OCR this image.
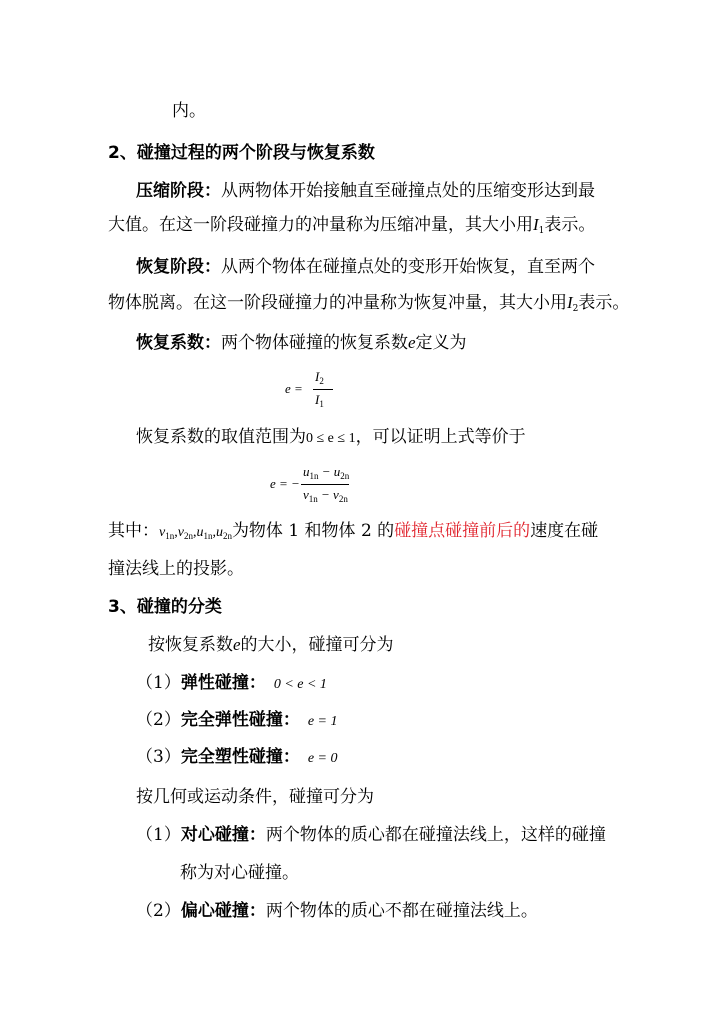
内。
2、碰撞过程的两个阶段与恢复系数
压缩阶段：从两物体开始接触直至碰撞点处的压缩变形达到最
大值。在这一阶段碰撞力的冲量称为压缩冲量，其大小用$I_1$表示。
恢复阶段：从两个物体在碰撞点处的变形开始恢复，直至两个
物体脱离。在这一阶段碰撞力的冲量称为恢复冲量，其大小用$I_2$表示。
恢复系数：两个物体碰撞的恢复系数e定义为
e =
$I_2$
$I_1$
恢复系数的取值范围为0 ≤ e ≤ 1，可以证明上式等价于
e = −
$u_{1n} - u_{2n}$
$v_{1n} - v_{2n}$
其中：$v_{1n},v_{2n},u_{1n},u_{2n}$为物体 1 和物体 2 的碰撞点碰撞前后的速度在碰
撞法线上的投影。
3、碰撞的分类
按恢复系数e的大小，碰撞可分为
（1）弹性碰撞： 0 < e < 1
（2）完全弹性碰撞： e = 1
（3）完全塑性碰撞： e = 0
按几何或运动条件，碰撞可分为
（1）对心碰撞：两个物体的质心都在碰撞法线上，这样的碰撞
称为对心碰撞。
（2）偏心碰撞：两个物体的质心不都在碰撞法线上。
